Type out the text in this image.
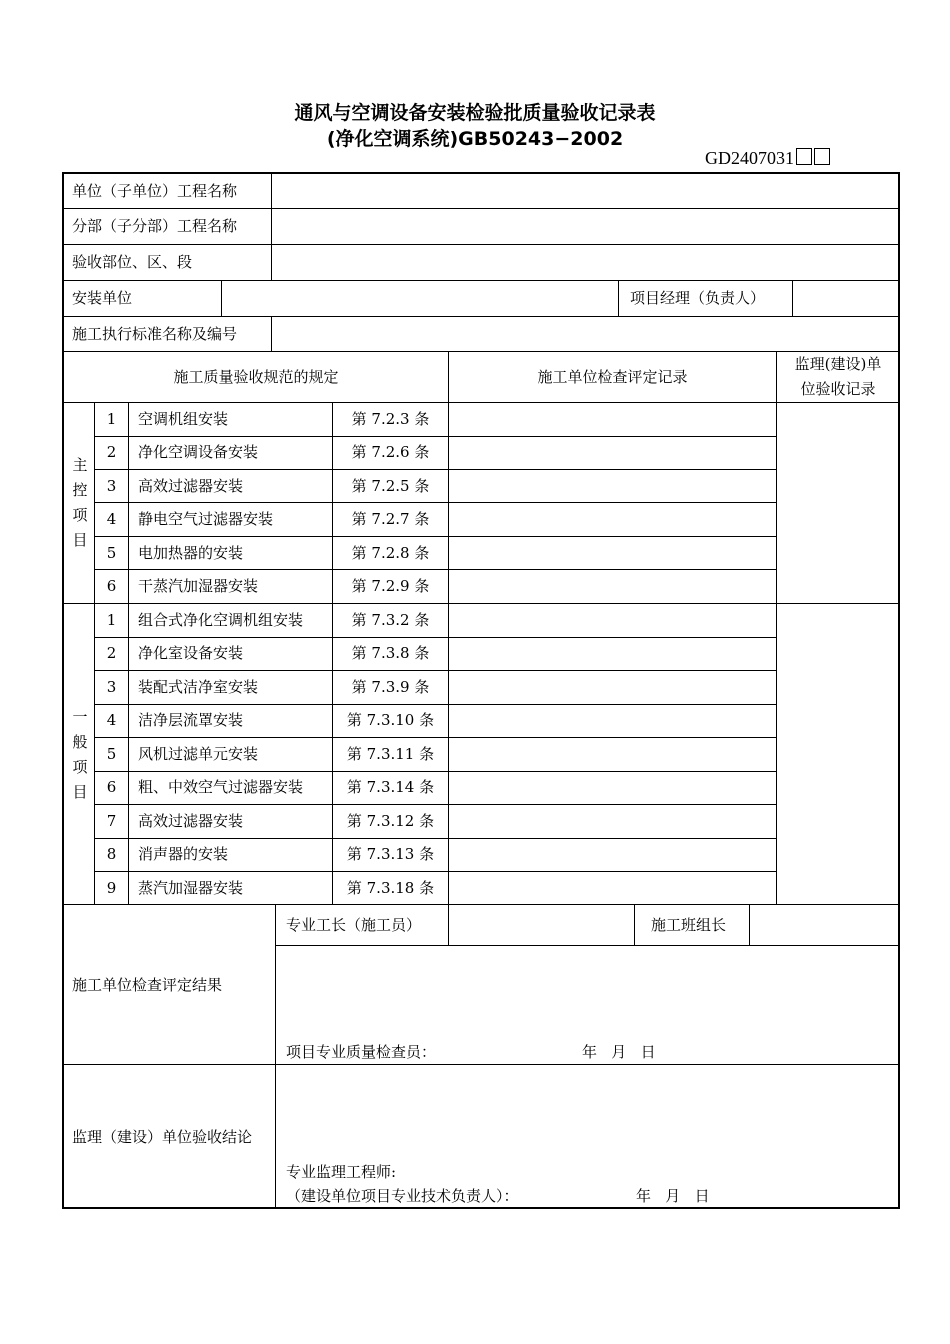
通风与空调设备安装检验批质量验收记录表
(净化空调系统)GB50243−2002
GD2407031
单位（子单位）工程名称
分部（子分部）工程名称
验收部位、区、段
安装单位	项目经理（负责人）
施工执行标准名称及编号
施工质量验收规范的规定	施工单位检查评定记录
监理(建设)单
位验收记录
主
控
项
目
1	空调机组安装	第 7.2.3 条
2	净化空调设备安装	第 7.2.6 条
3	高效过滤器安装	第 7.2.5 条
4	静电空气过滤器安装	第 7.2.7 条
5	电加热器的安装	第 7.2.8 条
6	干蒸汽加湿器安装	第 7.2.9 条
一
般
项
目
1	组合式净化空调机组安装	第 7.3.2 条
2	净化室设备安装	第 7.3.8 条
3	装配式洁净室安装	第 7.3.9 条
4	洁净层流罩安装	第 7.3.10 条
5	风机过滤单元安装	第 7.3.11 条
6	粗、中效空气过滤器安装	第 7.3.14 条
7	高效过滤器安装	第 7.3.12 条
8	消声器的安装	第 7.3.13 条
9	蒸汽加湿器安装	第 7.3.18 条
施工单位检查评定结果
专业工长（施工员）	施工班组长
项目专业质量检查员：	年   月   日
监理（建设）单位验收结论
专业监理工程师:
（建设单位项目专业技术负责人）：	年   月   日
